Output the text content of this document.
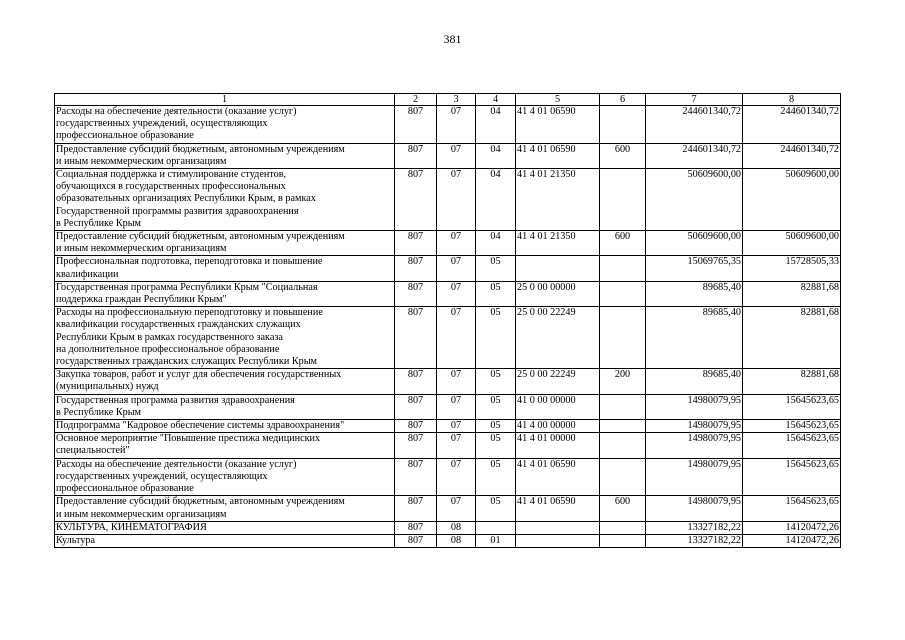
381
1	2	3	4	5	6	7	8
Расходы на обеспечение деятельности (оказание услуг)
государственных учреждений, осуществляющих
профессиональное образование	807	07	04	41 4 01 06590		244601340,72	244601340,72
Предоставление субсидий бюджетным, автономным учреждениям
и иным некоммерческим организациям	807	07	04	41 4 01 06590	600	244601340,72	244601340,72
Социальная поддержка и стимулирование студентов,
обучающихся в государственных профессиональных
образовательных организациях Республики Крым, в рамках
Государственной программы развития здравоохранения
в Республике Крым	807	07	04	41 4 01 21350		50609600,00	50609600,00
Предоставление субсидий бюджетным, автономным учреждениям
и иным некоммерческим организациям	807	07	04	41 4 01 21350	600	50609600,00	50609600,00
Профессиональная подготовка, переподготовка и повышение
квалификации	807	07	05			15069765,35	15728505,33
Государственная программа Республики Крым "Социальная
поддержка граждан Республики Крым"	807	07	05	25 0 00 00000		89685,40	82881,68
Расходы на профессиональную переподготовку и повышение
квалификации государственных гражданских служащих
Республики Крым в рамках государственного заказа
на дополнительное профессиональное образование
государственных гражданских служащих Республики Крым	807	07	05	25 0 00 22249		89685,40	82881,68
Закупка товаров, работ и услуг для обеспечения государственных
(муниципальных) нужд	807	07	05	25 0 00 22249	200	89685,40	82881,68
Государственная программа развития здравоохранения
в Республике Крым	807	07	05	41 0 00 00000		14980079,95	15645623,65
Подпрограмма "Кадровое обеспечение системы здравоохранения"	807	07	05	41 4 00 00000		14980079,95	15645623,65
Основное мероприятие "Повышение престижа медицинских
специальностей"	807	07	05	41 4 01 00000		14980079,95	15645623,65
Расходы на обеспечение деятельности (оказание услуг)
государственных учреждений, осуществляющих
профессиональное образование	807	07	05	41 4 01 06590		14980079,95	15645623,65
Предоставление субсидий бюджетным, автономным учреждениям
и иным некоммерческим организациям	807	07	05	41 4 01 06590	600	14980079,95	15645623,65
КУЛЬТУРА, КИНЕМАТОГРАФИЯ	807	08				13327182,22	14120472,26
Культура	807	08	01			13327182,22	14120472,26
